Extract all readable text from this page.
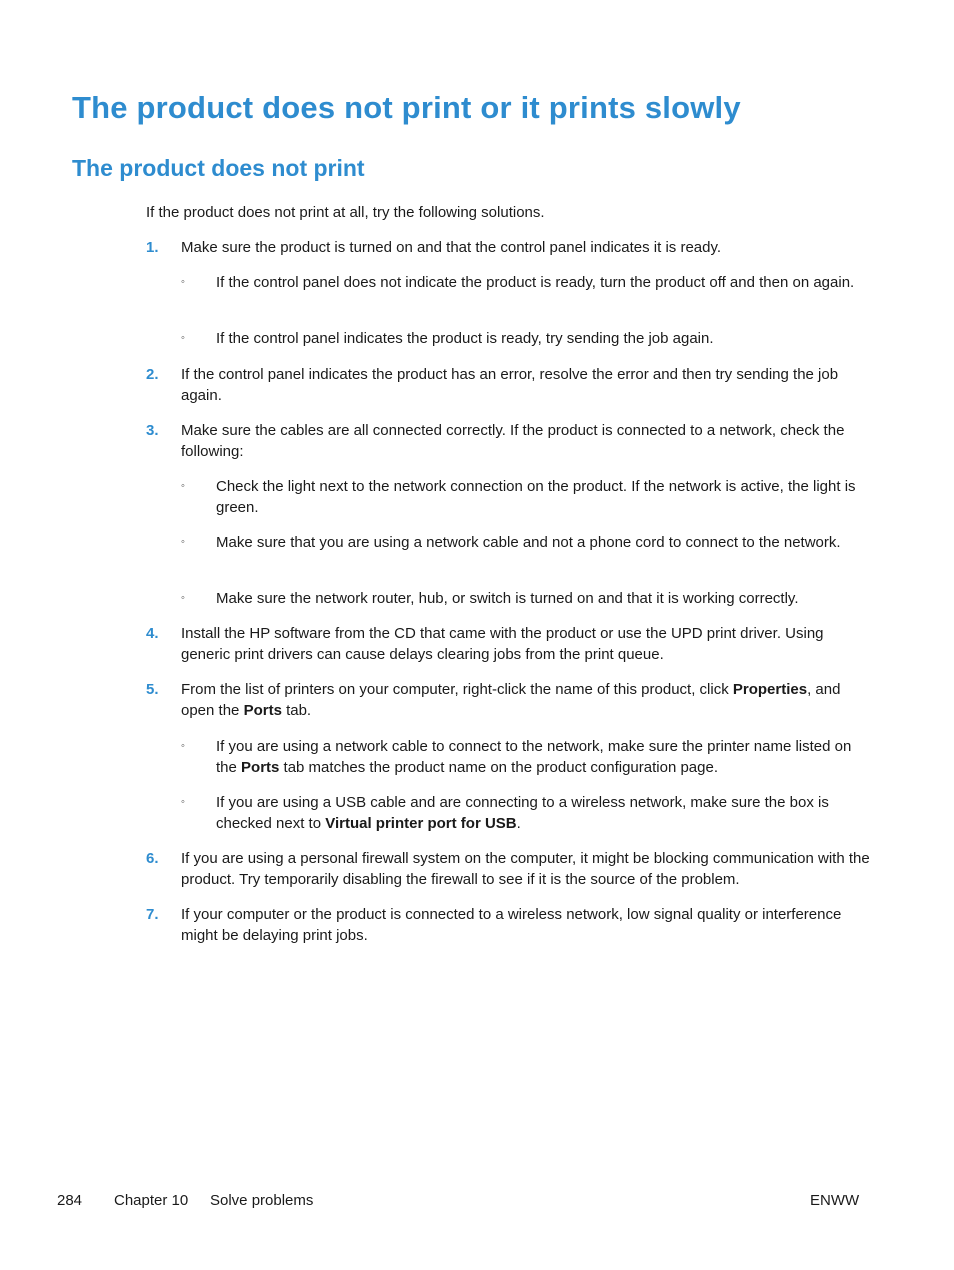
The product does not print or it prints slowly
The product does not print
If the product does not print at all, try the following solutions.
1. Make sure the product is turned on and that the control panel indicates it is ready.
◦ If the control panel does not indicate the product is ready, turn the product off and then on again.
◦ If the control panel indicates the product is ready, try sending the job again.
2. If the control panel indicates the product has an error, resolve the error and then try sending the job again.
3. Make sure the cables are all connected correctly. If the product is connected to a network, check the following:
◦ Check the light next to the network connection on the product. If the network is active, the light is green.
◦ Make sure that you are using a network cable and not a phone cord to connect to the network.
◦ Make sure the network router, hub, or switch is turned on and that it is working correctly.
4. Install the HP software from the CD that came with the product or use the UPD print driver. Using generic print drivers can cause delays clearing jobs from the print queue.
5. From the list of printers on your computer, right-click the name of this product, click Properties, and open the Ports tab.
◦ If you are using a network cable to connect to the network, make sure the printer name listed on the Ports tab matches the product name on the product configuration page.
◦ If you are using a USB cable and are connecting to a wireless network, make sure the box is checked next to Virtual printer port for USB.
6. If you are using a personal firewall system on the computer, it might be blocking communication with the product. Try temporarily disabling the firewall to see if it is the source of the problem.
7. If your computer or the product is connected to a wireless network, low signal quality or interference might be delaying print jobs.
284 Chapter 10 Solve problems	ENWW
